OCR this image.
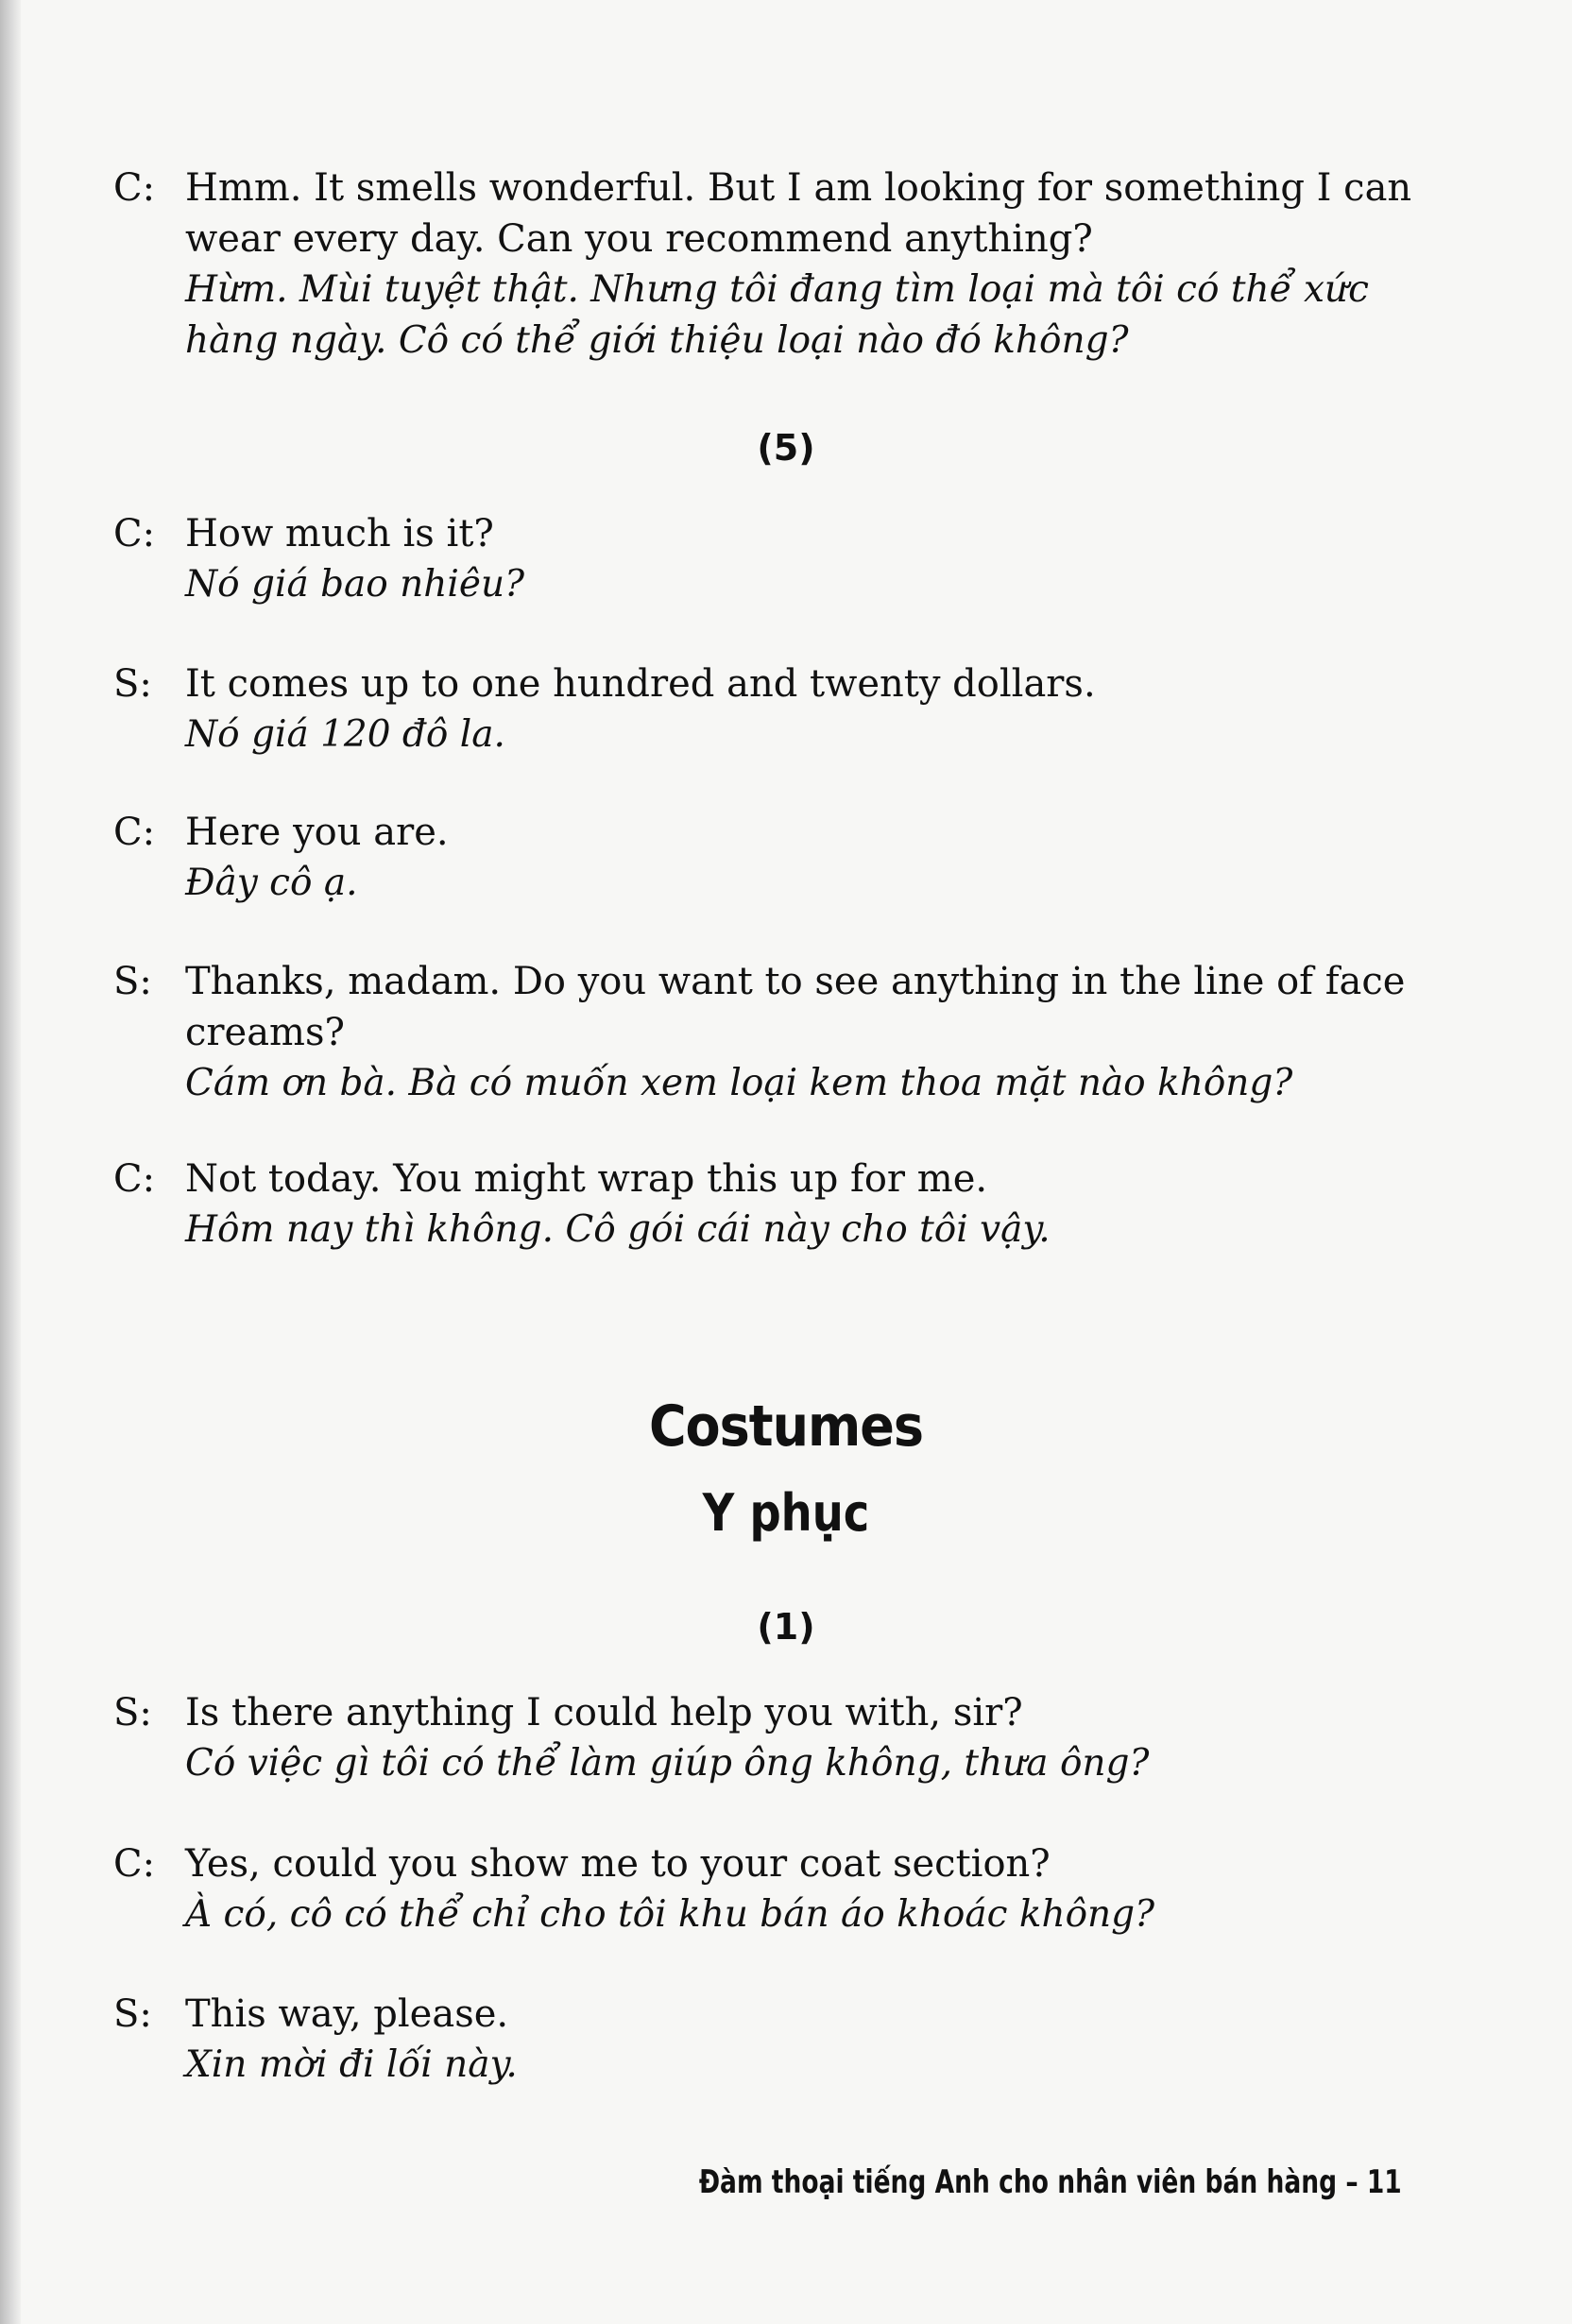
C: Hmm. It smells wonderful. But I am looking for something I can wear every day. Can you recommend anything?
Hừm. Mùi tuyệt thật. Nhưng tôi đang tìm loại mà tôi có thể xức hàng ngày. Cô có thể giới thiệu loại nào đó không?
(5)
C: How much is it?
Nó giá bao nhiêu?
S: It comes up to one hundred and twenty dollars.
Nó giá 120 đô la.
C: Here you are.
Đây cô ạ.
S: Thanks, madam. Do you want to see anything in the line of face creams?
Cám ơn bà. Bà có muốn xem loại kem thoa mặt nào không?
C: Not today. You might wrap this up for me.
Hôm nay thì không. Cô gói cái này cho tôi vậy.
Costumes
Y phục
(1)
S: Is there anything I could help you with, sir?
Có việc gì tôi có thể làm giúp ông không, thưa ông?
C: Yes, could you show me to your coat section?
À có, cô có thể chỉ cho tôi khu bán áo khoác không?
S: This way, please.
Xin mời đi lối này.
Đàm thoại tiếng Anh cho nhân viên bán hàng – 11
